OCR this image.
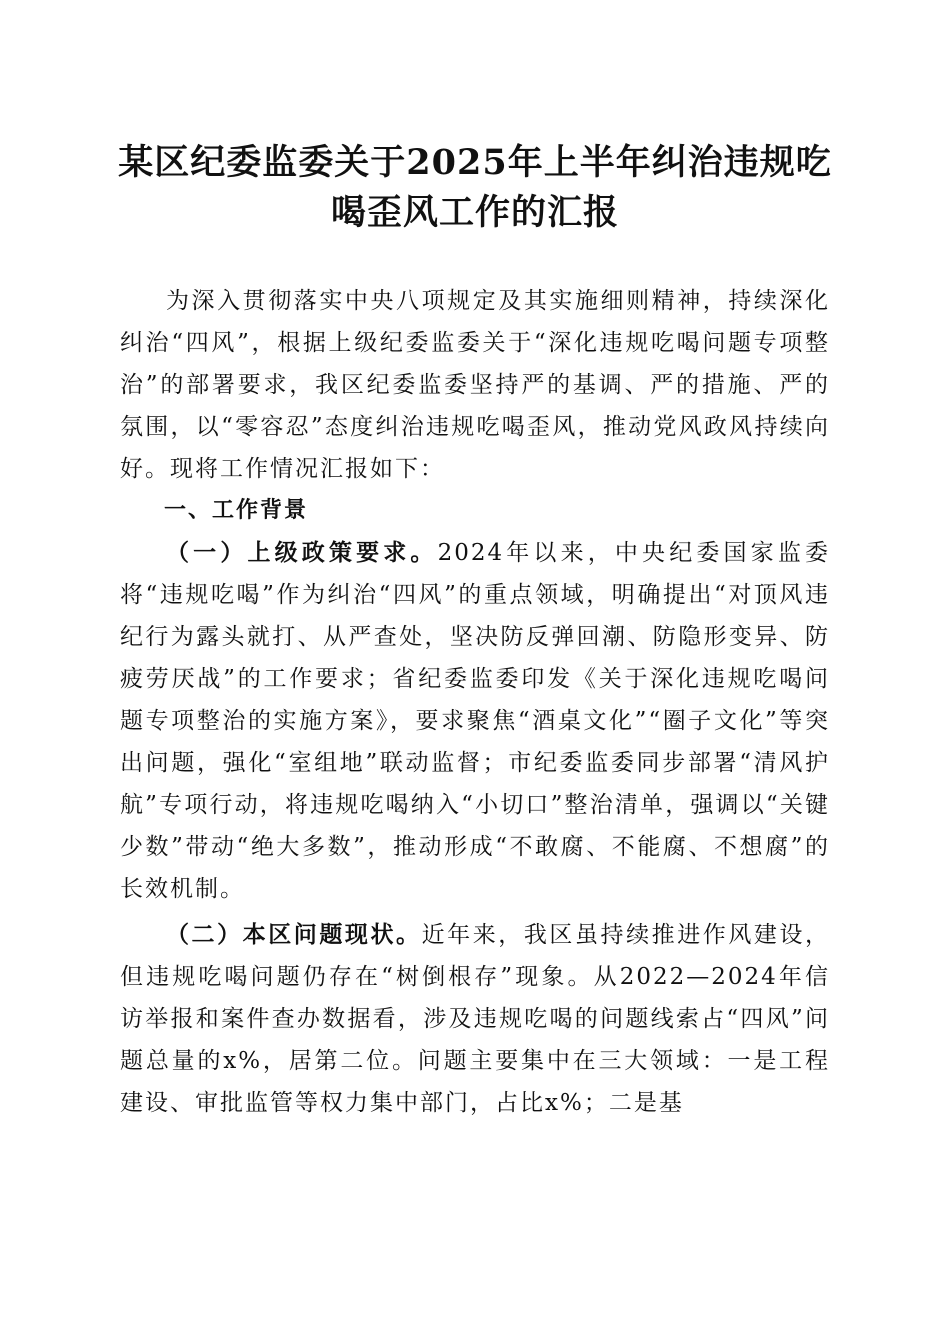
某区纪委监委关于2025年上半年纠治违规吃
喝歪风工作的汇报

为深入贯彻落实中央八项规定及其实施细则精神，持续深化纠治“四风”，根据上级纪委监委关于“深化违规吃喝问题专项整治”的部署要求，我区纪委监委坚持严的基调、严的措施、严的氛围，以“零容忍”态度纠治违规吃喝歪风，推动党风政风持续向好。现将工作情况汇报如下：

一、工作背景

（一）上级政策要求。2024年以来，中央纪委国家监委将“违规吃喝”作为纠治“四风”的重点领域，明确提出“对顶风违纪行为露头就打、从严查处，坚决防反弹回潮、防隐形变异、防疲劳厌战”的工作要求；省纪委监委印发《关于深化违规吃喝问题专项整治的实施方案》，要求聚焦“酒桌文化”“圈子文化”等突出问题，强化“室组地”联动监督；市纪委监委同步部署“清风护航”专项行动，将违规吃喝纳入“小切口”整治清单，强调以“关键少数”带动“绝大多数”，推动形成“不敢腐、不能腐、不想腐”的长效机制。

（二）本区问题现状。近年来，我区虽持续推进作风建设，但违规吃喝问题仍存在“树倒根存”现象。从2022—2024年信访举报和案件查办数据看，涉及违规吃喝的问题线索占“四风”问题总量的x%，居第二位。问题主要集中在三大领域：一是工程建设、审批监管等权力集中部门，占比x%；二是基
